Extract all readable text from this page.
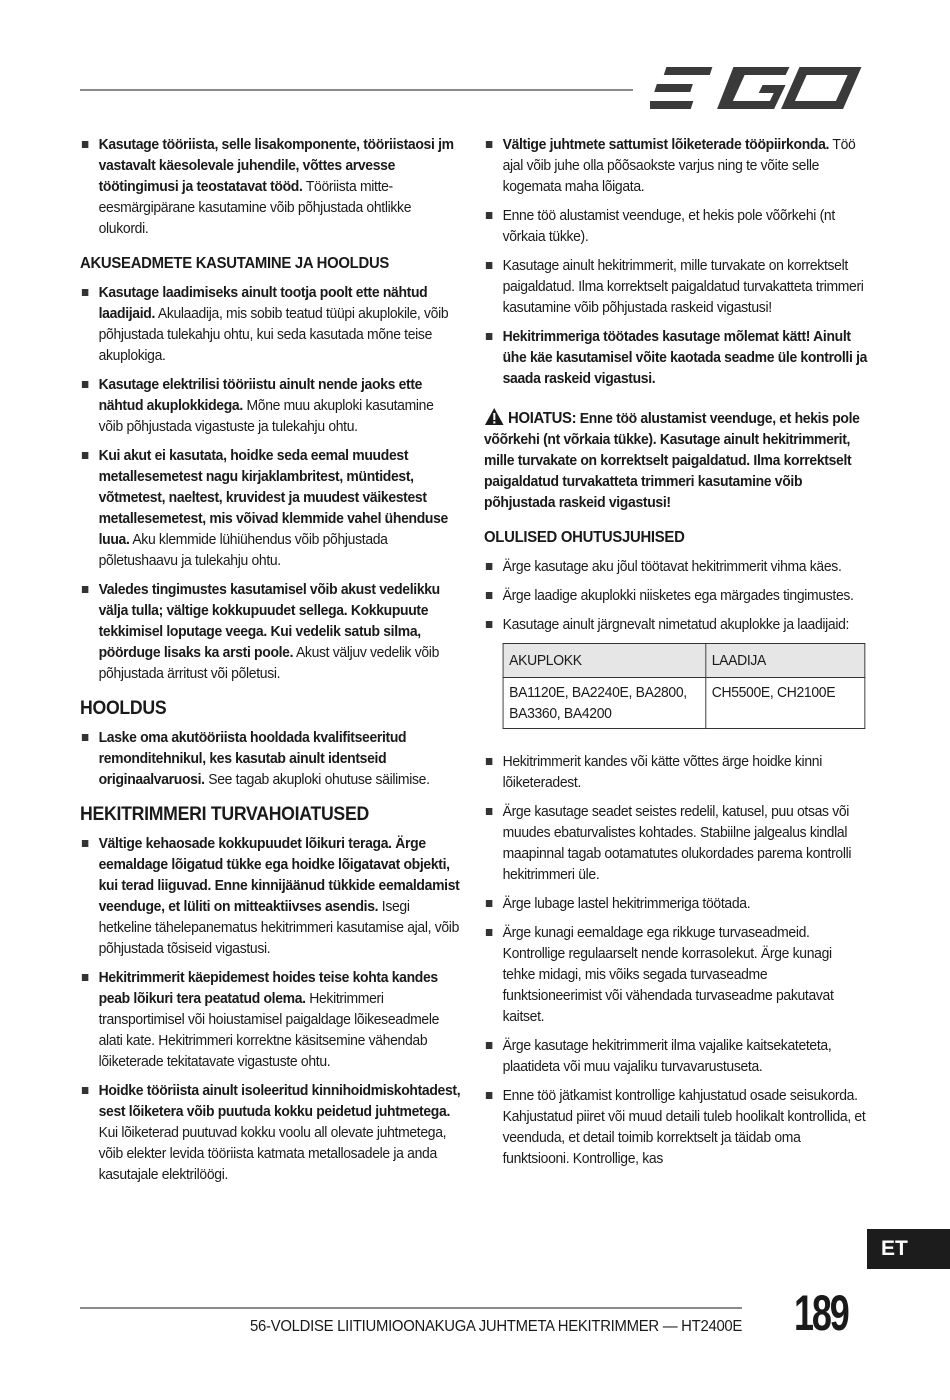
Kasutage tööriista, selle lisakomponente, tööriistaosi jm vastavalt käesolevale juhendile, võttes arvesse töötingimusi ja teostatavat tööd. Tööriista mitte-eesmärgipärane kasutamine võib põhjustada ohtlikke olukordi.
AKUSEADMETE KASUTAMINE JA HOOLDUS
Kasutage laadimiseks ainult tootja poolt ette nähtud laadijaid. Akulaadija, mis sobib teatud tüüpi akuplokile, võib põhjustada tulekahju ohtu, kui seda kasutada mõne teise akuplokiga.
Kasutage elektrilisi tööriistu ainult nende jaoks ette nähtud akuplokkidega. Mõne muu akuploki kasutamine võib põhjustada vigastuste ja tulekahju ohtu.
Kui akut ei kasutata, hoidke seda eemal muudest metallesemetest nagu kirjaklambritest, müntidest, võtmetest, naeltest, kruvidest ja muudest väikestest metallesemetest, mis võivad klemmide vahel ühenduse luua. Aku klemmide lühiühendus võib põhjustada põletushaavu ja tulekahju ohtu.
Valedes tingimustes kasutamisel võib akust vedelikku välja tulla; vältige kokkupuudet sellega. Kokkupuute tekkimisel loputage veega. Kui vedelik satub silma, pöörduge lisaks ka arsti poole. Akust väljuv vedelik võib põhjustada ärritust või põletusi.
HOOLDUS
Laske oma akutööriista hooldada kvalifitseeritud remonditehnikul, kes kasutab ainult identseid originaalvaruosi. See tagab akuploki ohutuse säilimise.
HEKITRIMMERI TURVAHOIATUSED
Vältige kehaosade kokkupuudet lõikuri teraga. Ärge eemaldage lõigatud tükke ega hoidke lõigatavat objekti, kui terad liiguvad. Enne kinnijäänud tükkide eemaldamist veenduge, et lüliti on mitteaktiivses asendis. Isegi hetkeline tähelepanematus hekitrimmeri kasutamise ajal, võib põhjustada tõsiseid vigastusi.
Hekitrimmerit käepidemest hoides teise kohta kandes peab lõikuri tera peatatud olema. Hekitrimmeri transportimisel või hoiustamisel paigaldage lõikeseadmele alati kate. Hekitrimmeri korrektne käsitsemine vähendab lõiketerade tekitatavate vigastuste ohtu.
Hoidke tööriista ainult isoleeritud kinnihoidmiskohtadest, sest lõiketera võib puutuda kokku peidetud juhtmetega. Kui lõiketerad puutuvad kokku voolu all olevate juhtmetega, võib elekter levida tööriista katmata metallosadele ja anda kasutajale elektrilöögi.
Vältige juhtmete sattumist lõiketerade tööpiirkonda. Töö ajal võib juhe olla põõsaokste varjus ning te võite selle kogemata maha lõigata.
Enne töö alustamist veenduge, et hekis pole võõrkehi (nt võrkaia tükke).
Kasutage ainult hekitrimmerit, mille turvakate on korrektselt paigaldatud. Ilma korrektselt paigaldatud turvakatteta trimmeri kasutamine võib põhjustada raskeid vigastusi!
Hekitrimmeriga töötades kasutage mõlemat kätt! Ainult ühe käe kasutamisel võite kaotada seadme üle kontrolli ja saada raskeid vigastusi.
HOIATUS: Enne töö alustamist veenduge, et hekis pole võõrkehi (nt võrkaia tükke). Kasutage ainult hekitrimmerit, mille turvakate on korrektselt paigaldatud. Ilma korrektselt paigaldatud turvakatteta trimmeri kasutamine võib põhjustada raskeid vigastusi!
OLULISED OHUTUSJUHISED
Ärge kasutage aku jõul töötavat hekitrimmerit vihma käes.
Ärge laadige akuplokki niisketes ega märgades tingimustes.
Kasutage ainult järgnevalt nimetatud akuplokke ja laadijaid:
AKUPLOKK	LAADIJA
BA1120E, BA2240E, BA2800, BA3360, BA4200	CH5500E, CH2100E
Hekitrimmerit kandes või kätte võttes ärge hoidke kinni lõiketeradest.
Ärge kasutage seadet seistes redelil, katusel, puu otsas või muudes ebaturvalistes kohtades. Stabiilne jalgealus kindlal maapinnal tagab ootamatutes olukordades parema kontrolli hekitrimmeri üle.
Ärge lubage lastel hekitrimmeriga töötada.
Ärge kunagi eemaldage ega rikkuge turvaseadmeid. Kontrollige regulaarselt nende korrasolekut. Ärge kunagi tehke midagi, mis võiks segada turvaseadme funktsioneerimist või vähendada turvaseadme pakutavat kaitset.
Ärge kasutage hekitrimmerit ilma vajalike kaitsekateteta, plaatideta või muu vajaliku turvavarustuseta.
Enne töö jätkamist kontrollige kahjustatud osade seisukorda. Kahjustatud piiret või muud detaili tuleb hoolikalt kontrollida, et veenduda, et detail toimib korrektselt ja täidab oma funktsiooni. Kontrollige, kas
ET
56-VOLDISE LIITIUMIOONAKUGA JUHTMETA HEKITRIMMER — HT2400E 189
